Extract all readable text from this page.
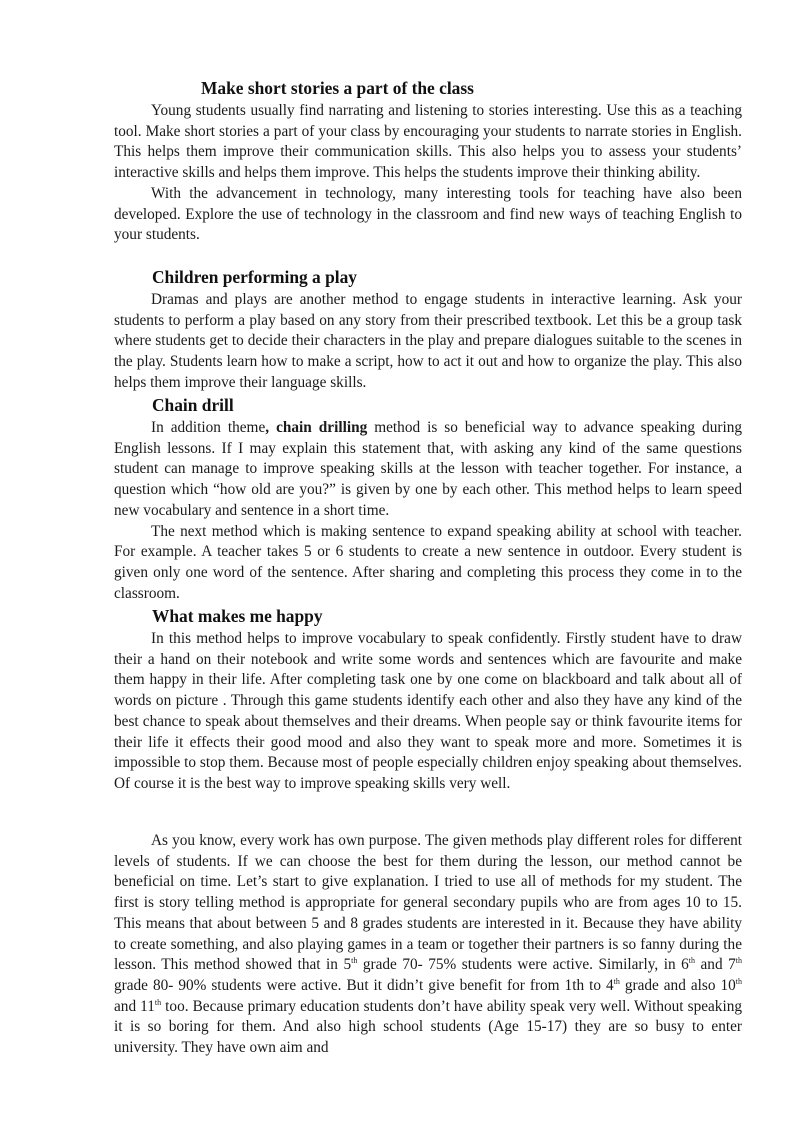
Make short stories a part of the class

Young students usually find narrating and listening to stories interesting. Use this as a teaching tool. Make short stories a part of your class by encouraging your students to narrate stories in English. This helps them improve their communication skills. This also helps you to assess your students’ interactive skills and helps them improve. This helps the students improve their thinking ability.

With the advancement in technology, many interesting tools for teaching have also been developed. Explore the use of technology in the classroom and find new ways of teaching English to your students.

Children performing a play

Dramas and plays are another method to engage students in interactive learning. Ask your students to perform a play based on any story from their prescribed textbook. Let this be a group task where students get to decide their characters in the play and prepare dialogues suitable to the scenes in the play. Students learn how to make a script, how to act it out and how to organize the play. This also helps them improve their language skills.

Chain drill

In addition theme, chain drilling method is so beneficial way to advance speaking during English lessons. If I may explain this statement that, with asking any kind of the same questions student can manage to improve speaking skills at the lesson with teacher together. For instance, a question which “how old are you?” is given by one by each other. This method helps to learn speed new vocabulary and sentence in a short time.

The next method which is making sentence to expand speaking ability at school with teacher. For example. A teacher takes 5 or 6 students to create a new sentence in outdoor. Every student is given only one word of the sentence. After sharing and completing this process they come in to the classroom.

What makes me happy

In this method helps to improve vocabulary to speak confidently. Firstly student have to draw their a hand on their notebook and write some words and sentences which are favourite and make them happy in their life. After completing task one by one come on blackboard and talk about all of words on picture . Through this game students identify each other and also they have any kind of the best chance to speak about themselves and their dreams. When people say or think favourite items for their life it effects their good mood and also they want to speak more and more. Sometimes it is impossible to stop them. Because most of people especially children enjoy speaking about themselves. Of course it is the best way to improve speaking skills very well.

As you know, every work has own purpose. The given methods play different roles for different levels of students. If we can choose the best for them during the lesson, our method cannot be beneficial on time. Let’s start to give explanation. I tried to use all of methods for my student. The first is story telling method is appropriate for general secondary pupils who are from ages 10 to 15. This means that about between 5 and 8 grades students are interested in it. Because they have ability to create something, and also playing games in a team or together their partners is so fanny during the lesson. This method showed that in 5th grade 70- 75% students were active. Similarly, in 6th and 7th grade 80- 90% students were active. But it didn’t give benefit for from 1th to 4th grade and also 10th and 11th too. Because primary education students don’t have ability speak very well. Without speaking it is so boring for them. And also high school students (Age 15-17) they are so busy to enter university. They have own aim and
